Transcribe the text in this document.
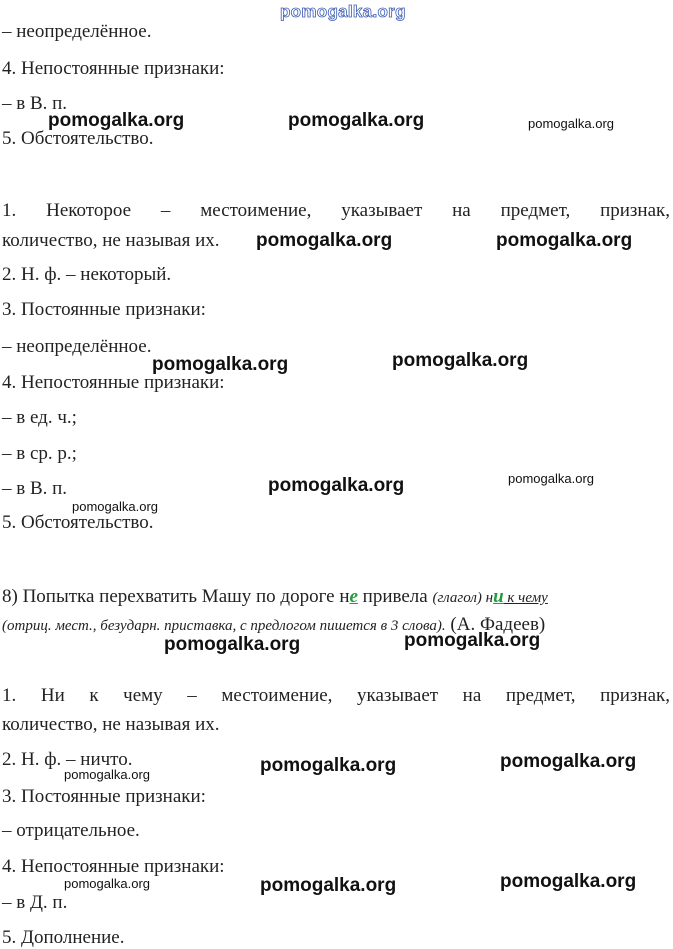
pomogalka.org
– неопределённое.
4. Непостоянные признаки:
– в В. п.
5. Обстоятельство.
pomogalka.org	pomogalka.org	pomogalka.org
1. Некоторое – местоимение, указывает на предмет, признак,
количество, не называя их. pomogalka.org	pomogalka.org
2. Н. ф. – некоторый.
3. Постоянные признаки:
– неопределённое.
pomogalka.org	pomogalka.org
4. Непостоянные признаки:
– в ед. ч.;
– в ср. р.;
– в В. п.	pomogalka.org	pomogalka.org
pomogalka.org
5. Обстоятельство.
8) Попытка перехватить Машу по дороге не привела (глагол) ни к чему
(отриц. мест., безударн. приставка, с предлогом пишется в 3 слова). (А. Фадеев)
pomogalka.org	pomogalka.org
1. Ни к чему – местоимение, указывает на предмет, признак,
количество, не называя их.
2. Н. ф. – ничто.
pomogalka.org	pomogalka.org	pomogalka.org
3. Постоянные признаки:
– отрицательное.
4. Непостоянные признаки:
pomogalka.org	pomogalka.org	pomogalka.org
– в Д. п.
5. Дополнение.
